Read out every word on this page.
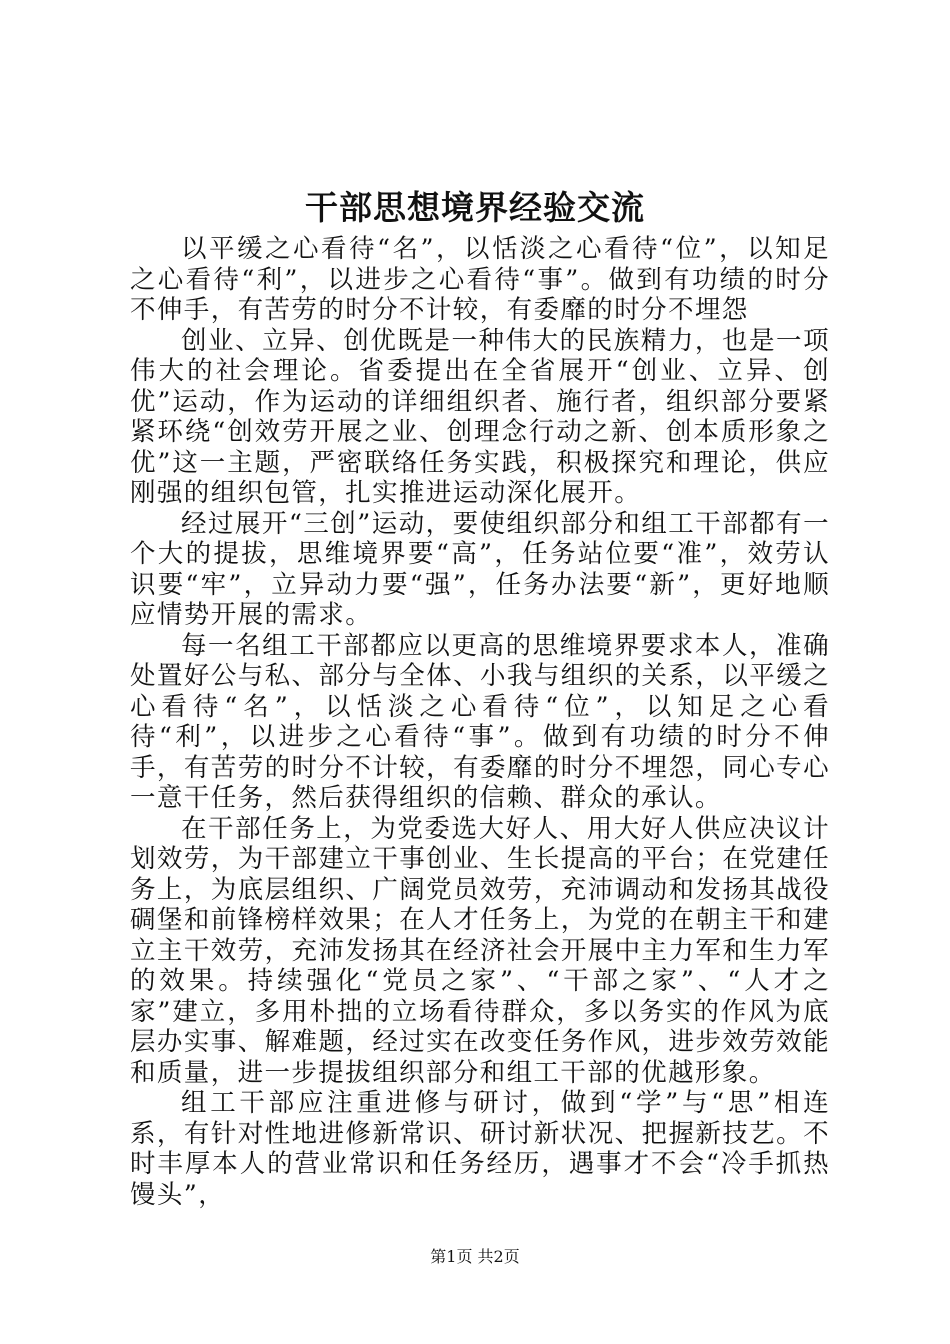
干部思想境界经验交流

以平缓之心看待“名”，以恬淡之心看待“位”，以知足之心看待“利”，以进步之心看待“事”。做到有功绩的时分不伸手，有苦劳的时分不计较，有委靡的时分不埋怨

创业、立异、创优既是一种伟大的民族精力，也是一项伟大的社会理论。省委提出在全省展开“创业、立异、创优”运动，作为运动的详细组织者、施行者，组织部分要紧紧环绕“创效劳开展之业、创理念行动之新、创本质形象之优”这一主题，严密联络任务实践，积极探究和理论，供应刚强的组织包管，扎实推进运动深化展开。

经过展开“三创”运动，要使组织部分和组工干部都有一个大的提拔，思维境界要“高”，任务站位要“准”，效劳认识要“牢”，立异动力要“强”，任务办法要“新”，更好地顺应情势开展的需求。

每一名组工干部都应以更高的思维境界要求本人，准确处置好公与私、部分与全体、小我与组织的关系，以平缓之心看待“名”，以恬淡之心看待“位”，以知足之心看待“利”，以进步之心看待“事”。做到有功绩的时分不伸手，有苦劳的时分不计较，有委靡的时分不埋怨，同心专心一意干任务，然后获得组织的信赖、群众的承认。

在干部任务上，为党委选大好人、用大好人供应决议计划效劳，为干部建立干事创业、生长提高的平台；在党建任务上，为底层组织、广阔党员效劳，充沛调动和发扬其战役碉堡和前锋榜样效果；在人才任务上，为党的在朝主干和建立主干效劳，充沛发扬其在经济社会开展中主力军和生力军的效果。持续强化“党员之家”、“干部之家”、“人才之家”建立，多用朴拙的立场看待群众，多以务实的作风为底层办实事、解难题，经过实在改变任务作风，进步效劳效能和质量，进一步提拔组织部分和组工干部的优越形象。

组工干部应注重进修与研讨，做到“学”与“思”相连系，有针对性地进修新常识、研讨新状况、把握新技艺。不时丰厚本人的营业常识和任务经历，遇事才不会“冷手抓热馒头”，

第1页 共2页
